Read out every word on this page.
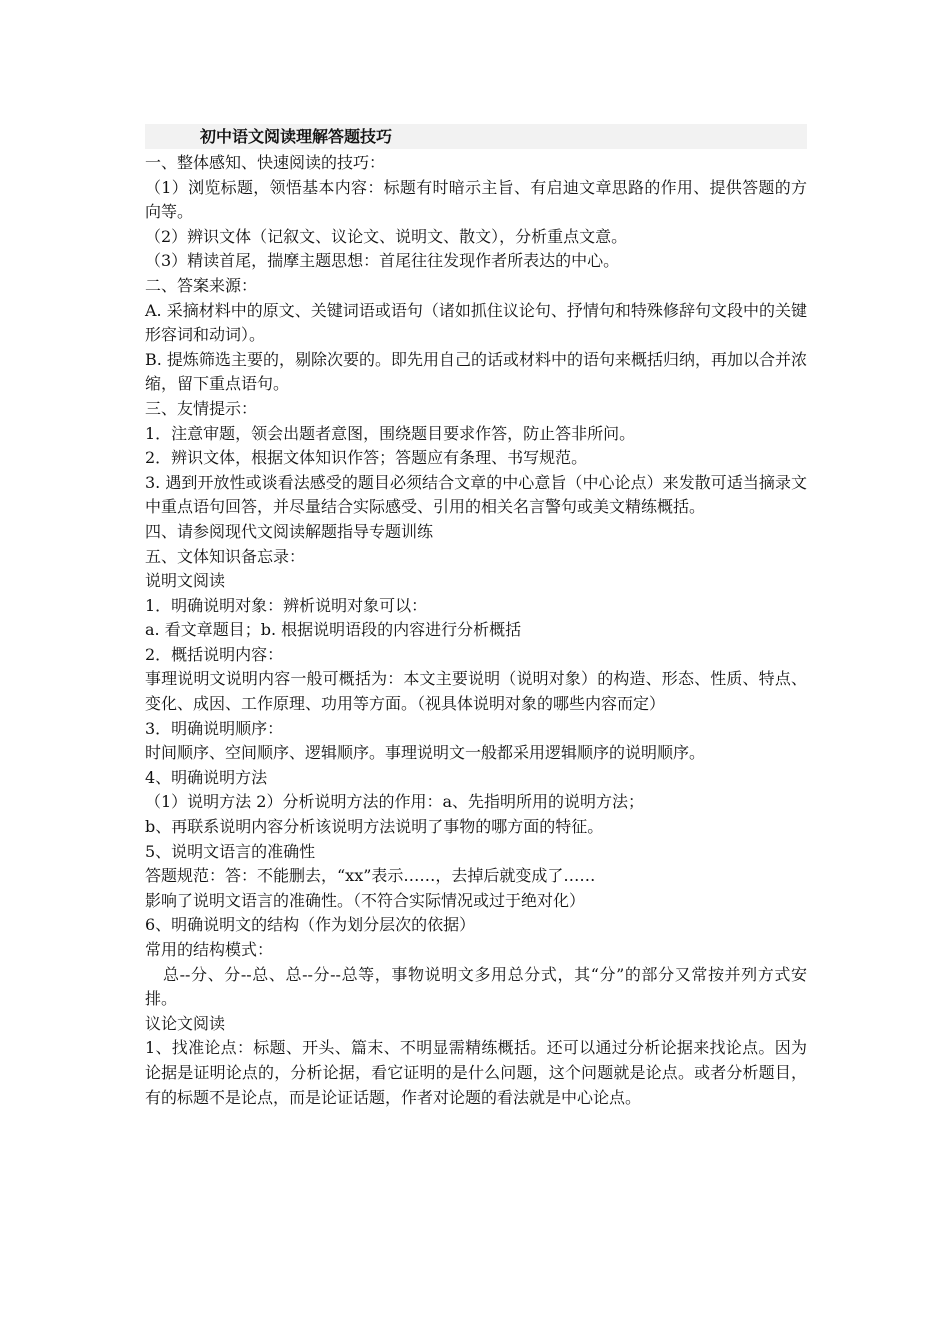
初中语文阅读理解答题技巧
一、整体感知、快速阅读的技巧：
（1）浏览标题，领悟基本内容：标题有时暗示主旨、有启迪文章思路的作用、提供答题的方向等。
（2）辨识文体（记叙文、议论文、说明文、散文），分析重点文意。
（3）精读首尾，揣摩主题思想：首尾往往发现作者所表达的中心。
二、答案来源：
A. 采摘材料中的原文、关键词语或语句（诸如抓住议论句、抒情句和特殊修辞句文段中的关键形容词和动词）。
B. 提炼筛选主要的，剔除次要的。即先用自己的话或材料中的语句来概括归纳，再加以合并浓缩，留下重点语句。
三、友情提示：
1．注意审题，领会出题者意图，围绕题目要求作答，防止答非所问。
2．辨识文体，根据文体知识作答；答题应有条理、书写规范。
3. 遇到开放性或谈看法感受的题目必须结合文章的中心意旨（中心论点）来发散可适当摘录文中重点语句回答，并尽量结合实际感受、引用的相关名言警句或美文精练概括。
四、请参阅现代文阅读解题指导专题训练
五、文体知识备忘录：
说明文阅读
1．明确说明对象：辨析说明对象可以：
a. 看文章题目；b. 根据说明语段的内容进行分析概括
2．概括说明内容：
事理说明文说明内容一般可概括为：本文主要说明（说明对象）的构造、形态、性质、特点、变化、成因、工作原理、功用等方面。（视具体说明对象的哪些内容而定）
3．明确说明顺序：
时间顺序、空间顺序、逻辑顺序。事理说明文一般都采用逻辑顺序的说明顺序。
4、明确说明方法
（1）说明方法 2）分析说明方法的作用：a、先指明所用的说明方法；
b、再联系说明内容分析该说明方法说明了事物的哪方面的特征。
5、说明文语言的准确性
答题规范：答：不能删去，“xx”表示……，去掉后就变成了……
影响了说明文语言的准确性。（不符合实际情况或过于绝对化）
6、明确说明文的结构（作为划分层次的依据）
常用的结构模式：
总--分、分--总、总--分--总等，事物说明文多用总分式，其“分”的部分又常按并列方式安排。
议论文阅读
1、找准论点：标题、开头、篇末、不明显需精练概括。还可以通过分析论据来找论点。因为论据是证明论点的，分析论据，看它证明的是什么问题，这个问题就是论点。或者分析题目，有的标题不是论点，而是论证话题，作者对论题的看法就是中心论点。
